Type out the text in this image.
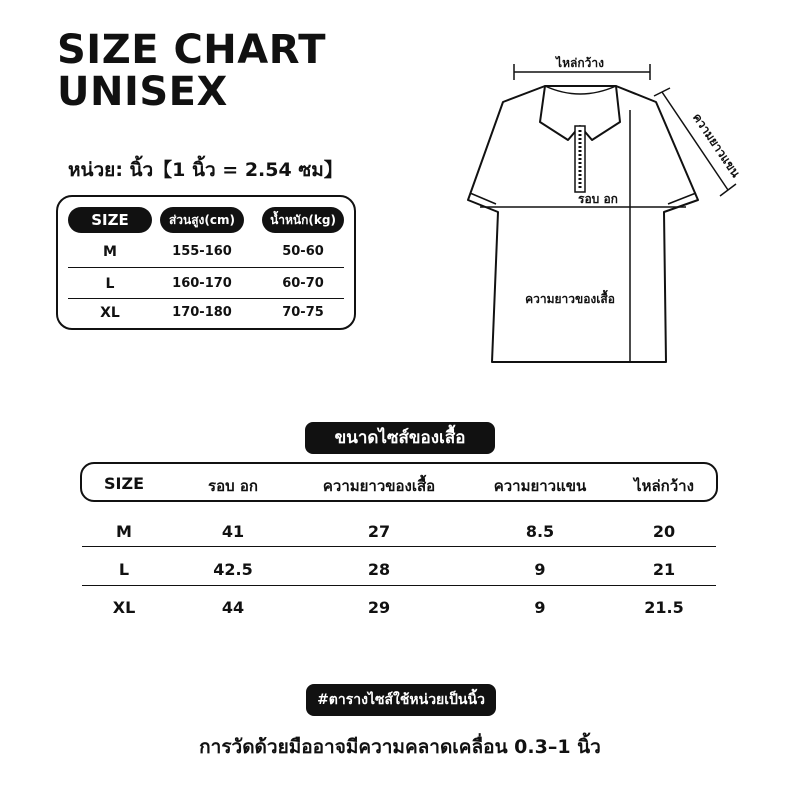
SIZE CHART
UNISEX
หน่วย: นิ้ว【1 นิ้ว = 2.54 ซม】
SIZE	ส่วนสูง(cm)	น้ำหนัก(kg)
M	155-160	50-60
L	160-170	60-70
XL	170-180	70-75
ไหล่กว้าง
ความยาวแขน
รอบ อก
ความยาวของเสื้อ
ขนาดไซส์ของเสื้อ
SIZE	รอบ อก	ความยาวของเสื้อ	ความยาวแขน	ไหล่กว้าง
M	41	27	8.5	20
L	42.5	28	9	21
XL	44	29	9	21.5
#ตารางไซส์ใช้หน่วยเป็นนิ้ว
การวัดด้วยมืออาจมีความคลาดเคลื่อน 0.3–1 นิ้ว
